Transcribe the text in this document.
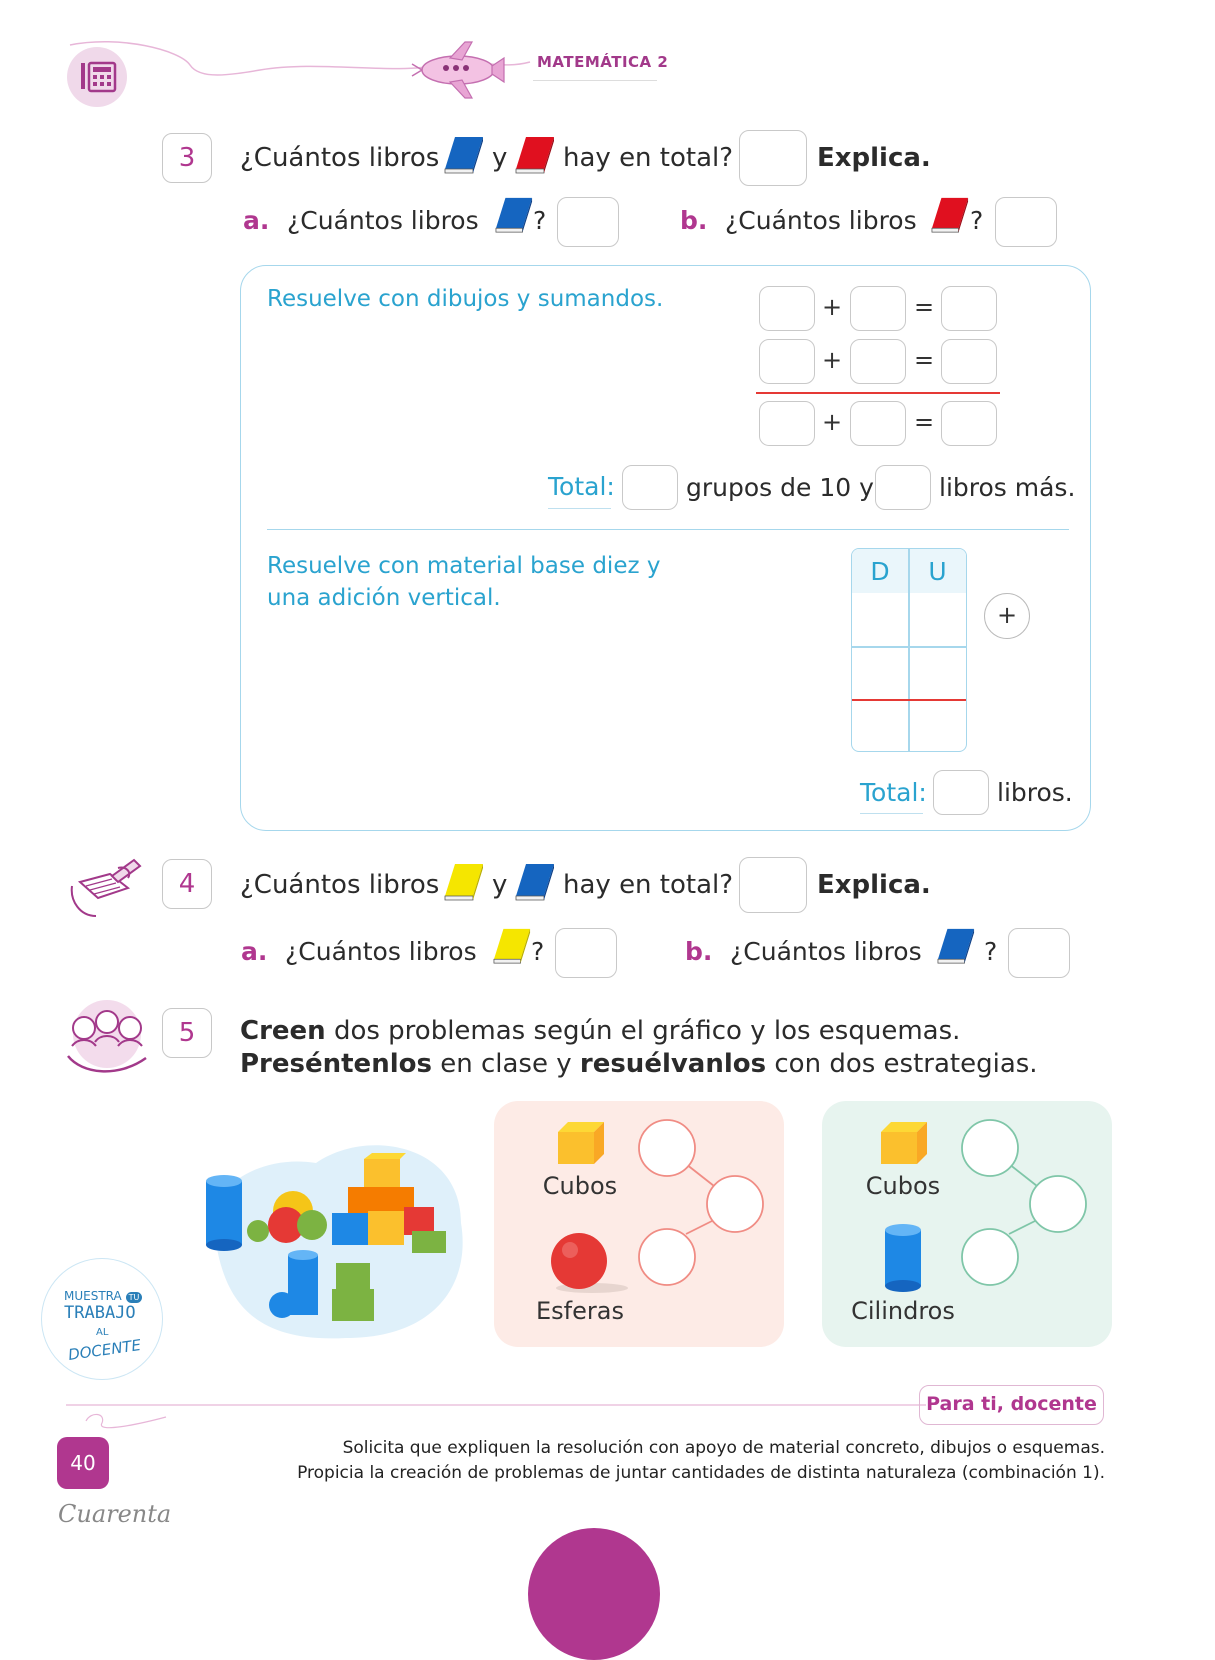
MATEMÁTICA 2
3	¿Cuántos libros y hay en total?	Explica.
a. ¿Cuántos libros ?	b. ¿Cuántos libros ?
Resuelve con dibujos y sumandos.	+	=
+	=
+	=
Total:	grupos de 10 y	libros más.
Resuelve con material base diez y
una adición vertical.
D	U
+
Total:	libros.
4	¿Cuántos libros y hay en total?	Explica.
a. ¿Cuántos libros ?	b. ¿Cuántos libros ?
5	Creen dos problemas según el gráfico y los esquemas.
Preséntenlos en clase y resuélvanlos con dos estrategias.
Cubos
Esferas
Cubos
Cilindros
MUESTRA TU
TRABAJO
AL
DOCENTE
Para ti, docente
Solicita que expliquen la resolución con apoyo de material concreto, dibujos o esquemas.
Propicia la creación de problemas de juntar cantidades de distinta naturaleza (combinación 1).
40
Cuarenta
